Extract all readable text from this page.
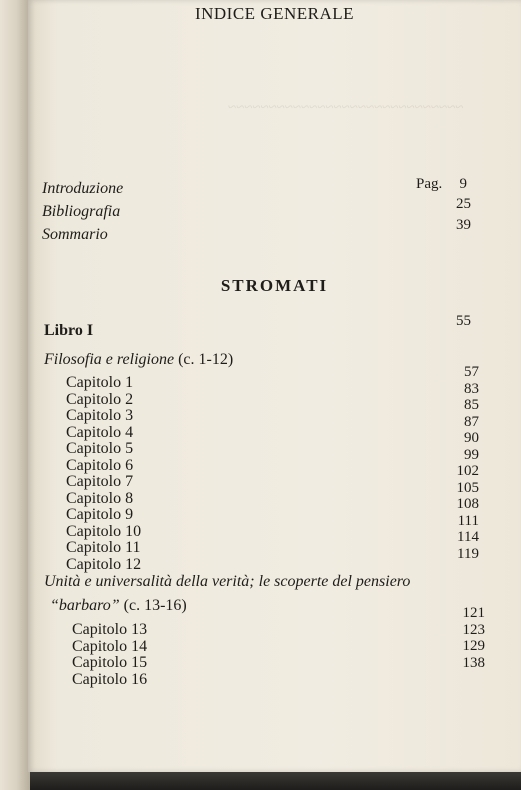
~~~~~~~~~~~~~~~~~~~~~~~~~~~~~
INDICE GENERALE
Introduzione	Pag. 9
Bibliografia	25
Sommario
39
STROMATI
Libro I
55
Filosofia e religione (c. 1-12)
Capitolo 1
Capitolo 2
Capitolo 3
Capitolo 4
Capitolo 5
Capitolo 6
Capitolo 7
Capitolo 8
Capitolo 9
Capitolo 10
Capitolo 11
Capitolo 12
57
83
85
87
90
99
102
105
108
111
114
119
Unità e universalità della verità; le scoperte del pensiero
“barbaro” (c. 13-16)
Capitolo 13
Capitolo 14
Capitolo 15
Capitolo 16
121
123
129
138
